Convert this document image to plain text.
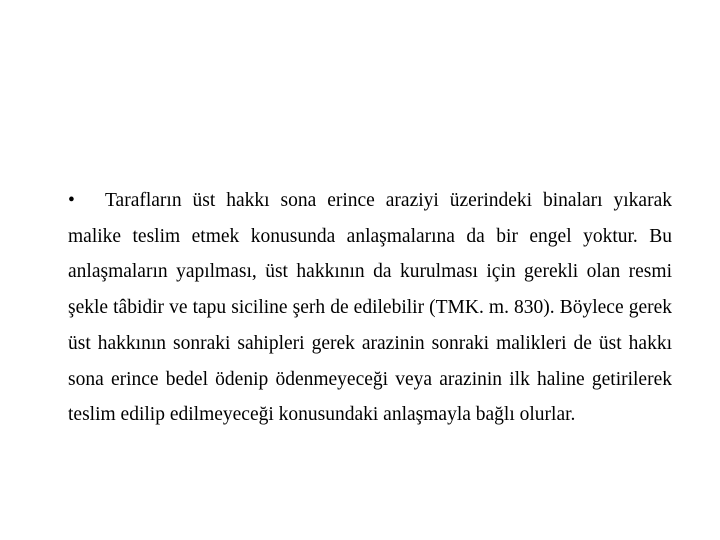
• Tarafların üst hakkı sona erince araziyi üzerindeki binaları yıkarak malike teslim etmek konusunda anlaşmalarına da bir engel yoktur. Bu anlaşmaların yapılması, üst hakkının da kurulması için gerekli olan resmi şekle tâbidir ve tapu siciline şerh de edilebilir (TMK. m. 830). Böylece gerek üst hakkının sonraki sahipleri gerek arazinin sonraki malikleri de üst hakkı sona erince bedel ödenip ödenmeyeceği veya arazinin ilk haline getirilerek teslim edilip edilmeyeceği konusundaki anlaşmayla bağlı olurlar.
